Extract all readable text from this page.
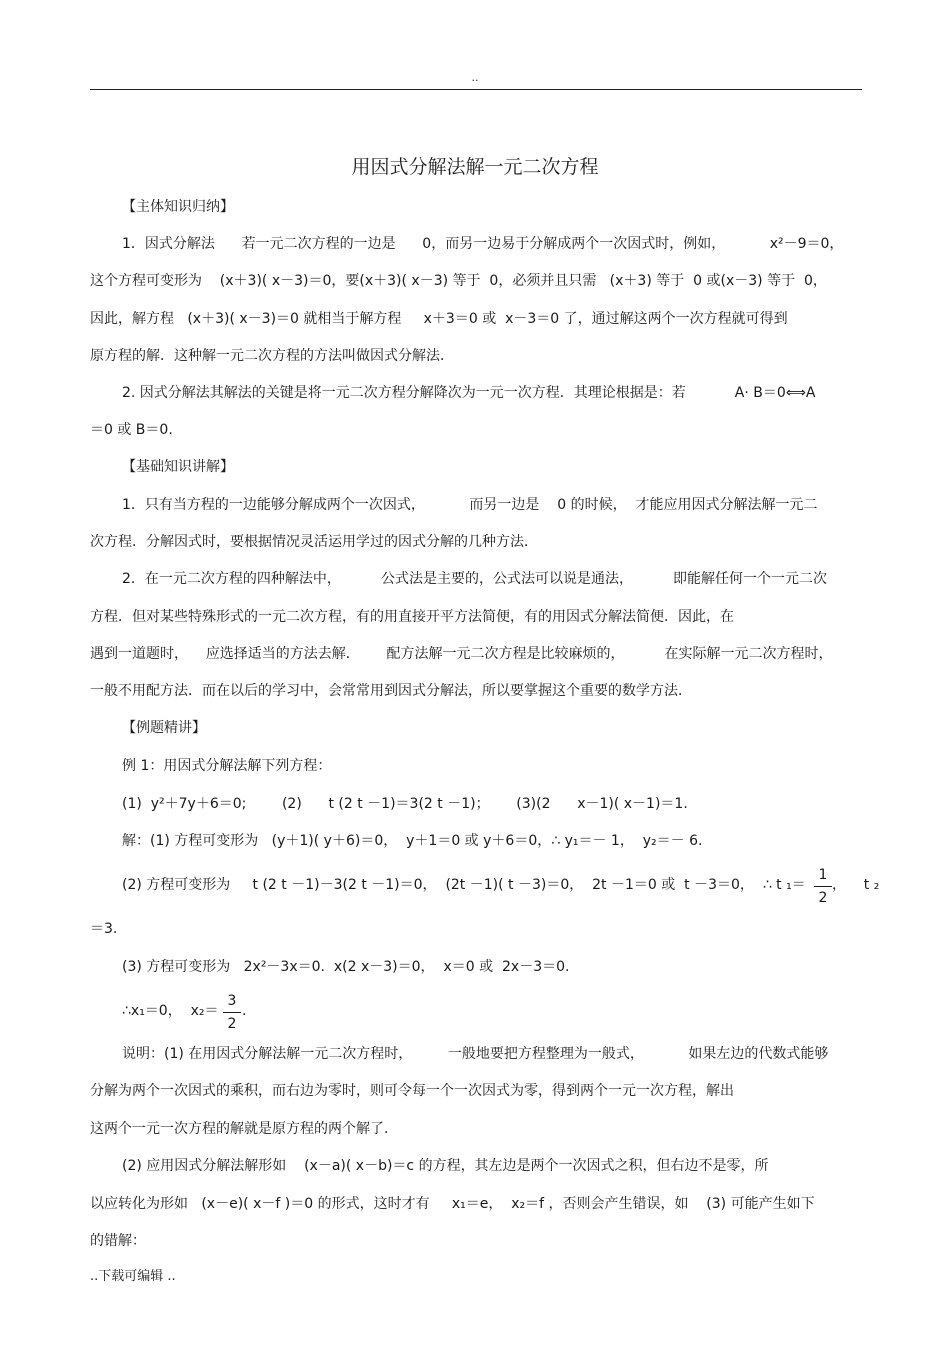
..
用因式分解法解一元二次方程
【主体知识归纳】
1．因式分解法      若一元二次方程的一边是      0，而另一边易于分解成两个一次因式时，例如，          x²－9＝0，
这个方程可变形为    (x＋3)( x－3)＝0，要(x＋3)( x－3) 等于  0，必须并且只需   (x＋3) 等于  0 或(x－3) 等于  0，
因此，解方程   (x＋3)( x－3)＝0 就相当于解方程     x＋3＝0 或  x－3＝0 了，通过解这两个一次方程就可得到
原方程的解．这种解一元二次方程的方法叫做因式分解法．
2. 因式分解法其解法的关键是将一元二次方程分解降次为一元一次方程．其理论根据是：若           A· B＝0⟺A
＝0 或 B＝0.
【基础知识讲解】
1．只有当方程的一边能够分解成两个一次因式，          而另一边是    0 的时候，  才能应用因式分解法解一元二
次方程．分解因式时，要根据情况灵活运用学过的因式分解的几种方法．
2．在一元二次方程的四种解法中，         公式法是主要的，公式法可以说是通法，         即能解任何一个一元二次
方程．但对某些特殊形式的一元二次方程，有的用直接开平方法简便，有的用因式分解法简便．因此，在
遇到一道题时，    应选择适当的方法去解．      配方法解一元二次方程是比较麻烦的，         在实际解一元二次方程时，
一般不用配方法．而在以后的学习中，会常常用到因式分解法，所以要掌握这个重要的数学方法．
【例题精讲】
例 1：用因式分解法解下列方程：
(1)  y²＋7y＋6＝0;        (2)      t (2 t －1)＝3(2 t －1)；      (3)(2      x－1)( x－1)＝1.
解：(1) 方程可变形为   (y＋1)( y＋6)＝0，  y＋1＝0 或 y＋6＝0，∴ y₁＝－ 1，  y₂＝－ 6.
(2) 方程可变形为     t (2 t －1)－3(2 t －1)＝0，  (2t －1)( t －3)＝0，  2t －1＝0 或  t －3＝0，  ∴ t ₁＝
1
2
，    t ₂
＝3.
(3) 方程可变形为   2x²－3x＝0.  x(2 x－3)＝0，  x＝0 或  2x－3＝0.
∴x₁＝0，  x₂＝
3
2
.
说明：(1) 在用因式分解法解一元二次方程时，        一般地要把方程整理为一般式，          如果左边的代数式能够
分解为两个一次因式的乘积，而右边为零时，则可令每一个一次因式为零，得到两个一元一次方程，解出
这两个一元一次方程的解就是原方程的两个解了．
(2) 应用因式分解法解形如    (x－a)( x－b)＝c 的方程，其左边是两个一次因式之积，但右边不是零，所
以应转化为形如   (x－e)( x－f )＝0 的形式，这时才有     x₁＝e，  x₂＝f ，否则会产生错误，如    (3) 可能产生如下
的错解：
..下载可编辑 ..
